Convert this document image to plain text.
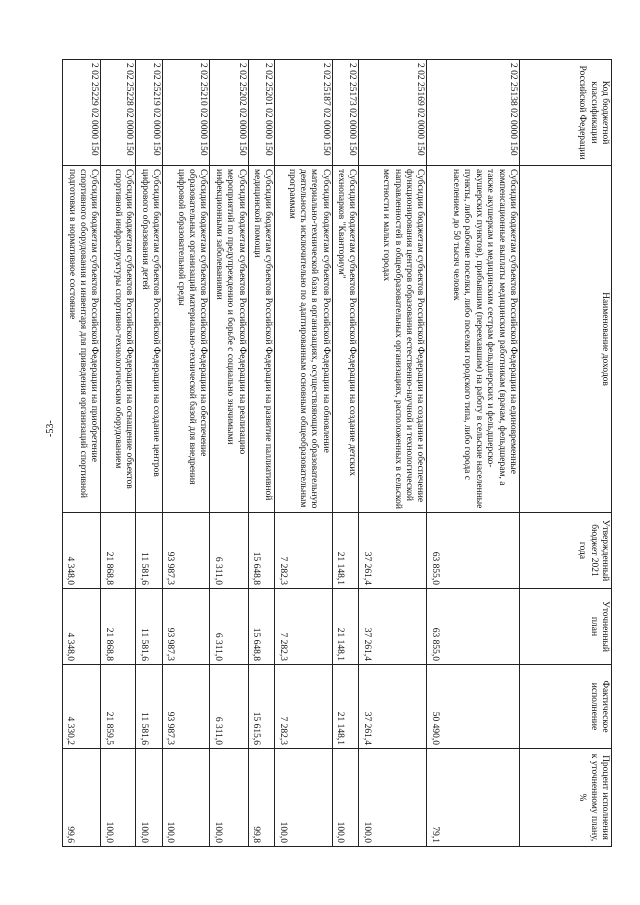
-53-
Код бюджетной классификации Российской Федерации	Наименование доходов	Утвержденный бюджет 2021 года	Уточненный план	Фактическое исполнение	Процент исполнения к уточненному плану, %
2 02 25138 02 0000 150	Субсидии бюджетам субъектов Российской Федерации на единовременные компенсационные выплаты медицинским работникам (врачам, фельдшерам, а также акушеркам и медицинским сестрам фельдшерских и фельдшерско-акушерских пунктов), прибывшим (переехавшим) на работу в сельские населенные пункты, либо рабочие поселки, либо поселки городского типа, либо города с населением до 50 тысяч человек	63 855,0	63 855,0	50 490,0	79,1
2 02 25169 02 0000 150	Субсидии бюджетам субъектов Российской Федерации на создание и обеспечение функционирования центров образования естественно-научной и технологической направленностей в общеобразовательных организациях, расположенных в сельской местности и малых городах	37 261,4	37 261,4	37 261,4	100,0
2 02 25173 02 0000 150	Субсидии бюджетам субъектов Российской Федерации на создание детских технопарков "Кванториум"	21 148,1	21 148,1	21 148,1	100,0
2 02 25187 02 0000 150	Субсидии бюджетам субъектов Российской Федерации на обновление материально-технической базы в организациях, осуществляющих образовательную деятельность исключительно по адаптированным основным общеобразовательным программам	7 282,3	7 282,3	7 282,3	100,0
2 02 25201 02 0000 150	Субсидии бюджетам субъектов Российской Федерации на развитие паллиативной медицинской помощи	15 648,8	15 648,8	15 615,6	99,8
2 02 25202 02 0000 150	Субсидии бюджетам субъектов Российской Федерации на реализацию мероприятий по предупреждению и борьбе с социально значимыми инфекционными заболеваниями	6 311,0	6 311,0	6 311,0	100,0
2 02 25210 02 0000 150	Субсидии бюджетам субъектов Российской Федерации на обеспечение образовательных организаций материально-технической базой для внедрения цифровой образовательной среды	93 987,3	93 987,3	93 987,3	100,0
2 02 25219 02 0000 150	Субсидии бюджетам субъектов Российской Федерации на создание центров цифрового образования детей	11 581,6	11 581,6	11 581,6	100,0
2 02 25228 02 0000 150	Субсидии бюджетам субъектов Российской Федерации на оснащение объектов спортивной инфраструктуры спортивно-технологическим оборудованием	21 868,8	21 868,8	21 859,5	100,0
2 02 25229 02 0000 150	Субсидии бюджетам субъектов Российской Федерации на приобретение спортивного оборудования и инвентаря для приведения организаций спортивной подготовки в нормативное состояние	4 348,0	4 348,0	4 330,2	99,6
